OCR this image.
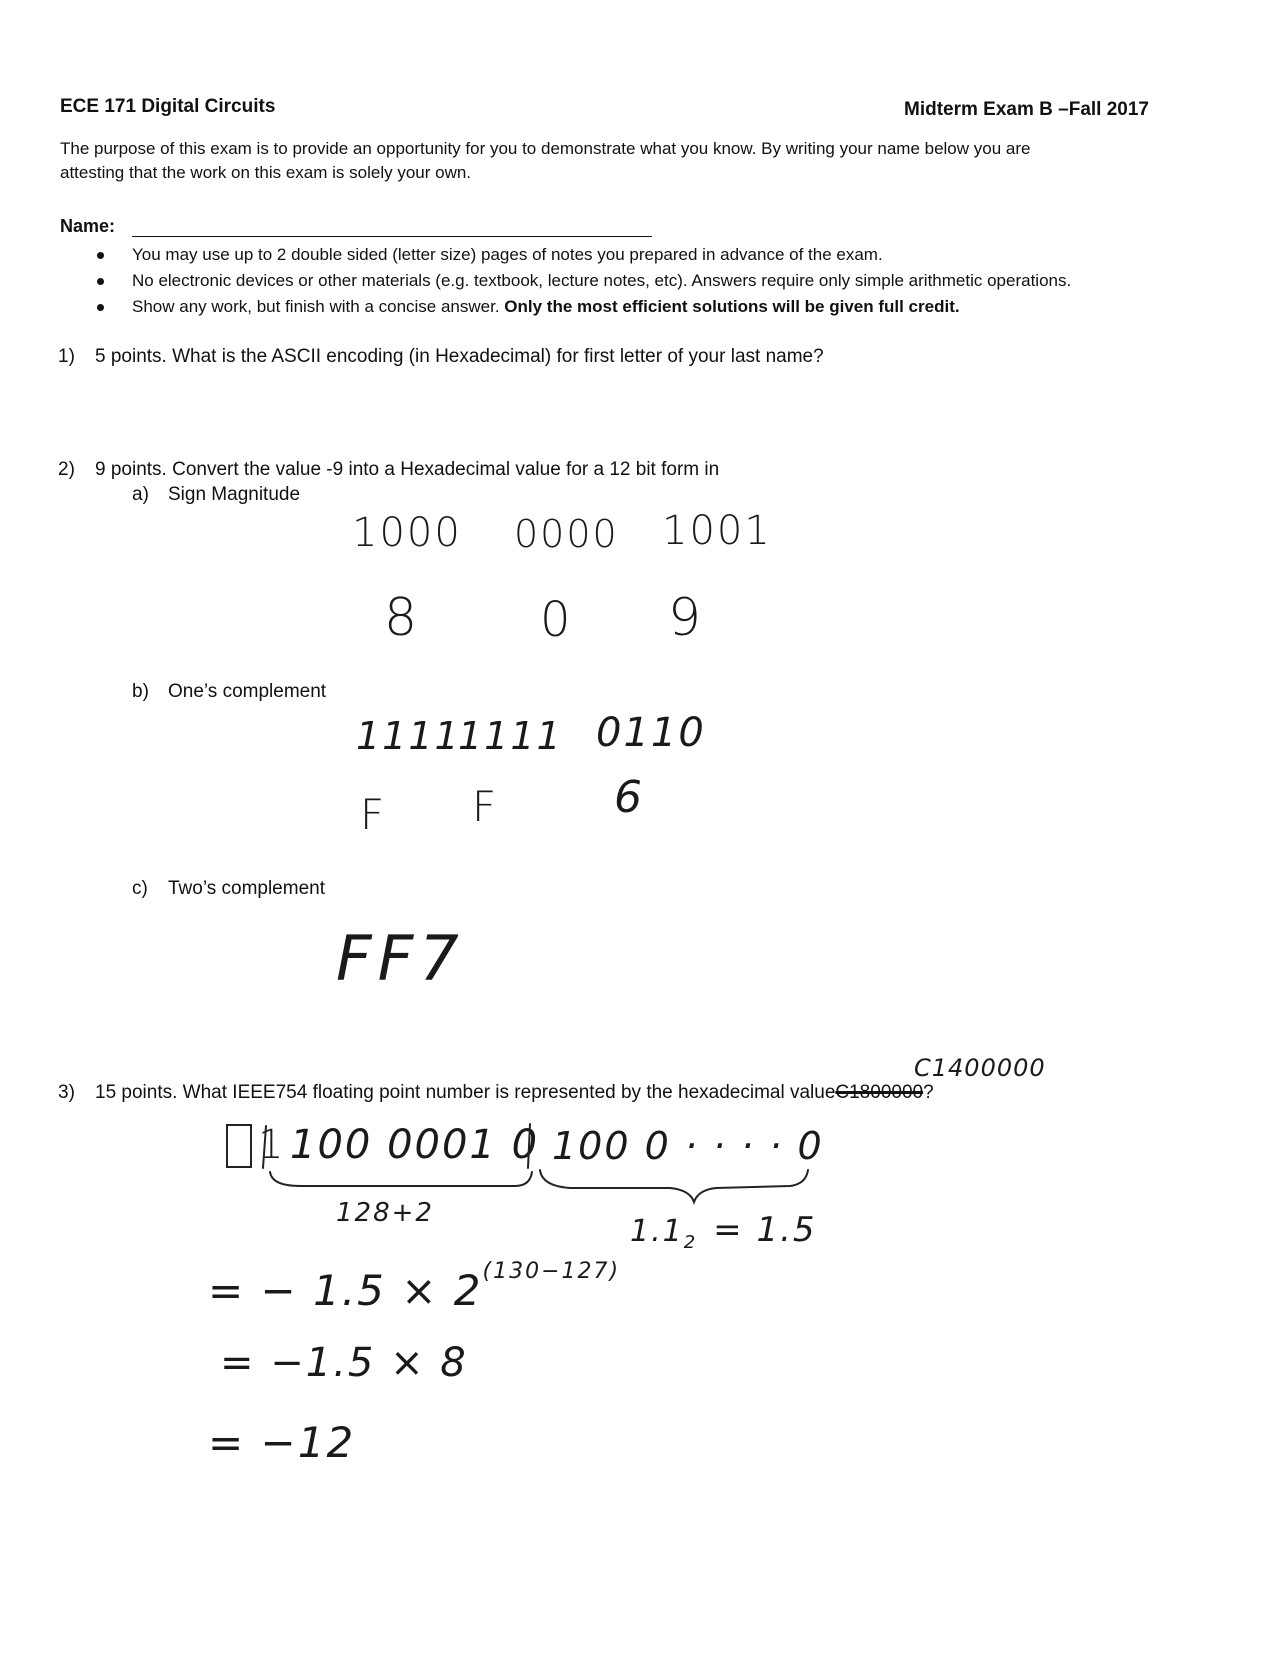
ECE 171 Digital Circuits	Midterm Exam B –Fall 2017
The purpose of this exam is to provide an opportunity for you to demonstrate what you know. By writing your name below you are
attesting that the work on this exam is solely your own.
Name:
You may use up to 2 double sided (letter size) pages of notes you prepared in advance of the exam.
No electronic devices or other materials (e.g. textbook, lecture notes, etc). Answers require only simple arithmetic operations.
Show any work, but finish with a concise answer. Only the most efficient solutions will be given full credit.
1) 5 points. What is the ASCII encoding (in Hexadecimal) for first letter of your last name?
2) 9 points. Convert the value -9 into a Hexadecimal value for a 12 bit form in
a) Sign Magnitude
1000 0000 1001
8	0 9
b) One’s complement
1111
1111 0110
F F	6
c) Two’s complement
FF7
C1400000
3) 15 points. What IEEE754 floating point number is represented by the hexadecimal valueC1800000?
1 100 0001 0 100 0 · · · · 0
128+2
$1.1_2 = 1.5$
= − $1.5 \times 2^{(130-127)}$
= −1.5 × 8
= −12
